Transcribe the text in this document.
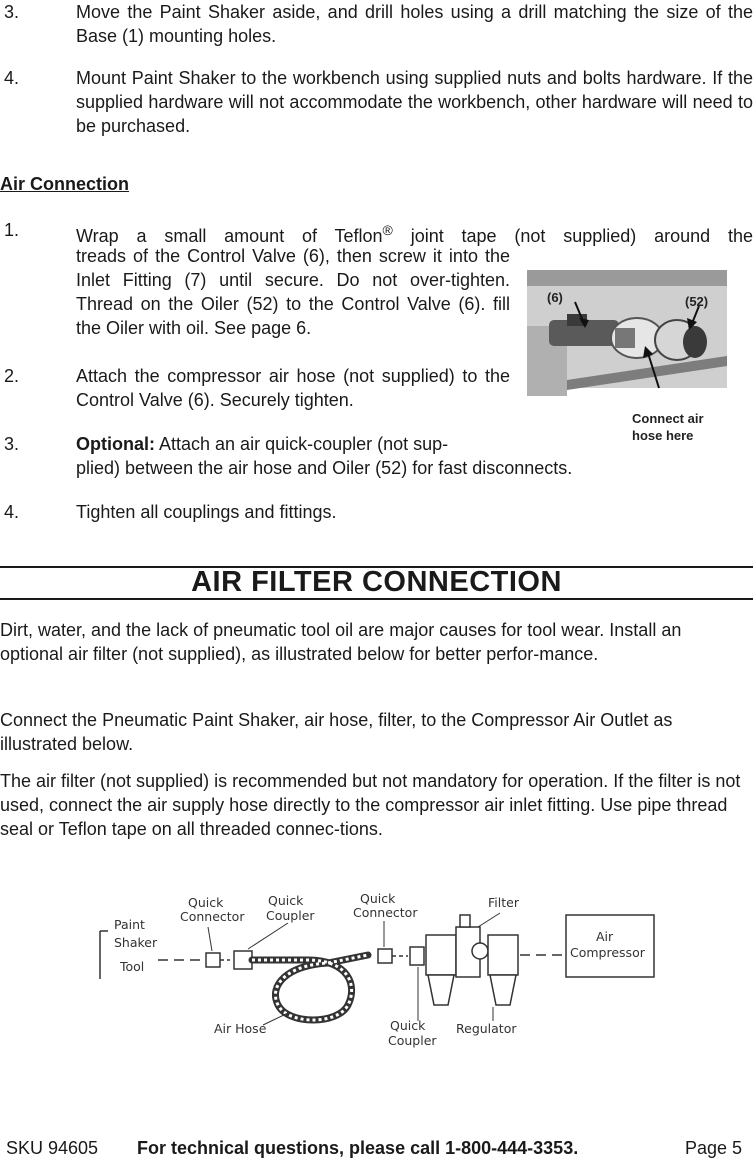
3.	Move the Paint Shaker aside, and drill holes using a drill matching the size of the Base (1) mounting holes.
4.	Mount Paint Shaker to the workbench using supplied nuts and bolts hardware. If the supplied hardware will not accommodate the workbench, other hardware will need to be purchased.
Air Connection
1.	Wrap a small amount of Teflon® joint tape (not supplied) around the
treads of the Control Valve (6), then screw it into the Inlet Fitting (7) until secure. Do not over-tighten. Thread on the Oiler (52) to the Control Valve (6). fill the Oiler with oil. See page 6.
2.	Attach the compressor air hose (not supplied) to the Control Valve (6). Securely tighten.
3.	Optional: Attach an air quick-coupler (not sup-
plied) between the air hose and Oiler (52) for fast disconnects.
4.	Tighten all couplings and fittings.
(6)	(52)
Connect air
hose here
AIR FILTER CONNECTION
Dirt, water, and the lack of pneumatic tool oil are major causes for tool wear. Install an optional air filter (not supplied), as illustrated below for better perfor-mance.
Connect the Pneumatic Paint Shaker, air hose, filter, to the Compressor Air Outlet as illustrated below.
The air filter (not supplied) is recommended but not mandatory for operation. If the filter is not used, connect the air supply hose directly to the compressor air inlet fitting. Use pipe thread seal or Teflon tape on all threaded connec-tions.
Paint
Shaker
Tool
Quick
Connector
Quick
Coupler
Quick
Connector
Filter
Air
Compressor
Air Hose	Quick
Coupler
Regulator
SKU 94605 For technical questions, please call 1-800-444-3353.	Page 5
